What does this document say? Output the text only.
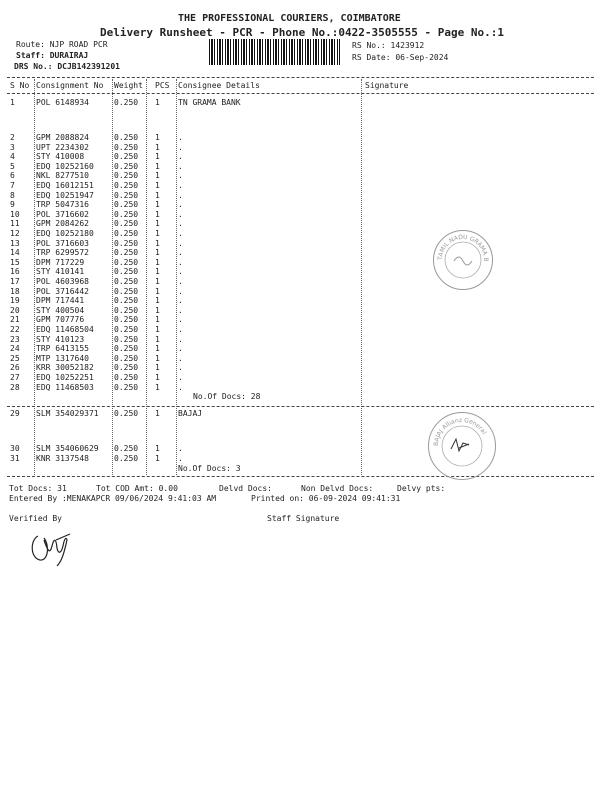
THE PROFESSIONAL COURIERS, COIMBATORE
Delivery Runsheet - PCR - Phone No.:0422-3505555 - Page No.:1
Route: NJP ROAD PCR
Staff: DURAIRAJ
DRS No.: DCJB142391201
RS No.: 1423912
RS Date: 06-Sep-2024
S No Consignment No Weight PCS Consignee Details	Signature
1	POL 6148934	0.250 1 TN GRAMA BANK
2	GPM 2088824	0.250 1 .
3	UPT 2234302	0.250 1 .
4	STY 410008	0.250 1 .
5	EDQ 10252160	0.250 1 .
6	NKL 8277510	0.250 1 .
7	EDQ 16012151	0.250 1 .
8	EDQ 10251947	0.250 1 .
9	TRP 5047316	0.250 1 .
10 POL 3716602	0.250 1 .
11 GPM 2084262	0.250 1 .
12 EDQ 10252180	0.250 1 .
13 POL 3716603	0.250 1 .
14 TRP 6299572	0.250 1 .
15 DPM 717229	0.250 1 .
16 STY 410141	0.250 1 .
17 POL 4603968	0.250 1 .
18 POL 3716442	0.250 1 .
19 DPM 717441	0.250 1 .
20 STY 400504	0.250 1 .
21 GPM 707776	0.250 1 .
22 EDQ 11468504	0.250 1 .
23 STY 410123	0.250 1 .
24 TRP 6413155	0.250 1 .
25 MTP 1317640	0.250 1 .
26 KRR 30052182	0.250 1 .
27 EDQ 10252251	0.250 1 .
28 EDQ 11468503	0.250 1 .
No.Of Docs: 28
29 SLM 354029371 0.250 1 BAJAJ
30 SLM 354060629 0.250 1 .
31 KNR 3137548	0.250 1 .
No.Of Docs: 3
TAMIL NADU GRAMA B
BAJAJ Allianz General
Tot Docs: 31	Tot COD Amt: 0.00	Delvd Docs:	Non Delvd Docs:	Delvy pts:
Entered By :MENAKAPCR 09/06/2024 9:41:03 AM	Printed on: 06-09-2024 09:41:31
Verified By	Staff Signature
